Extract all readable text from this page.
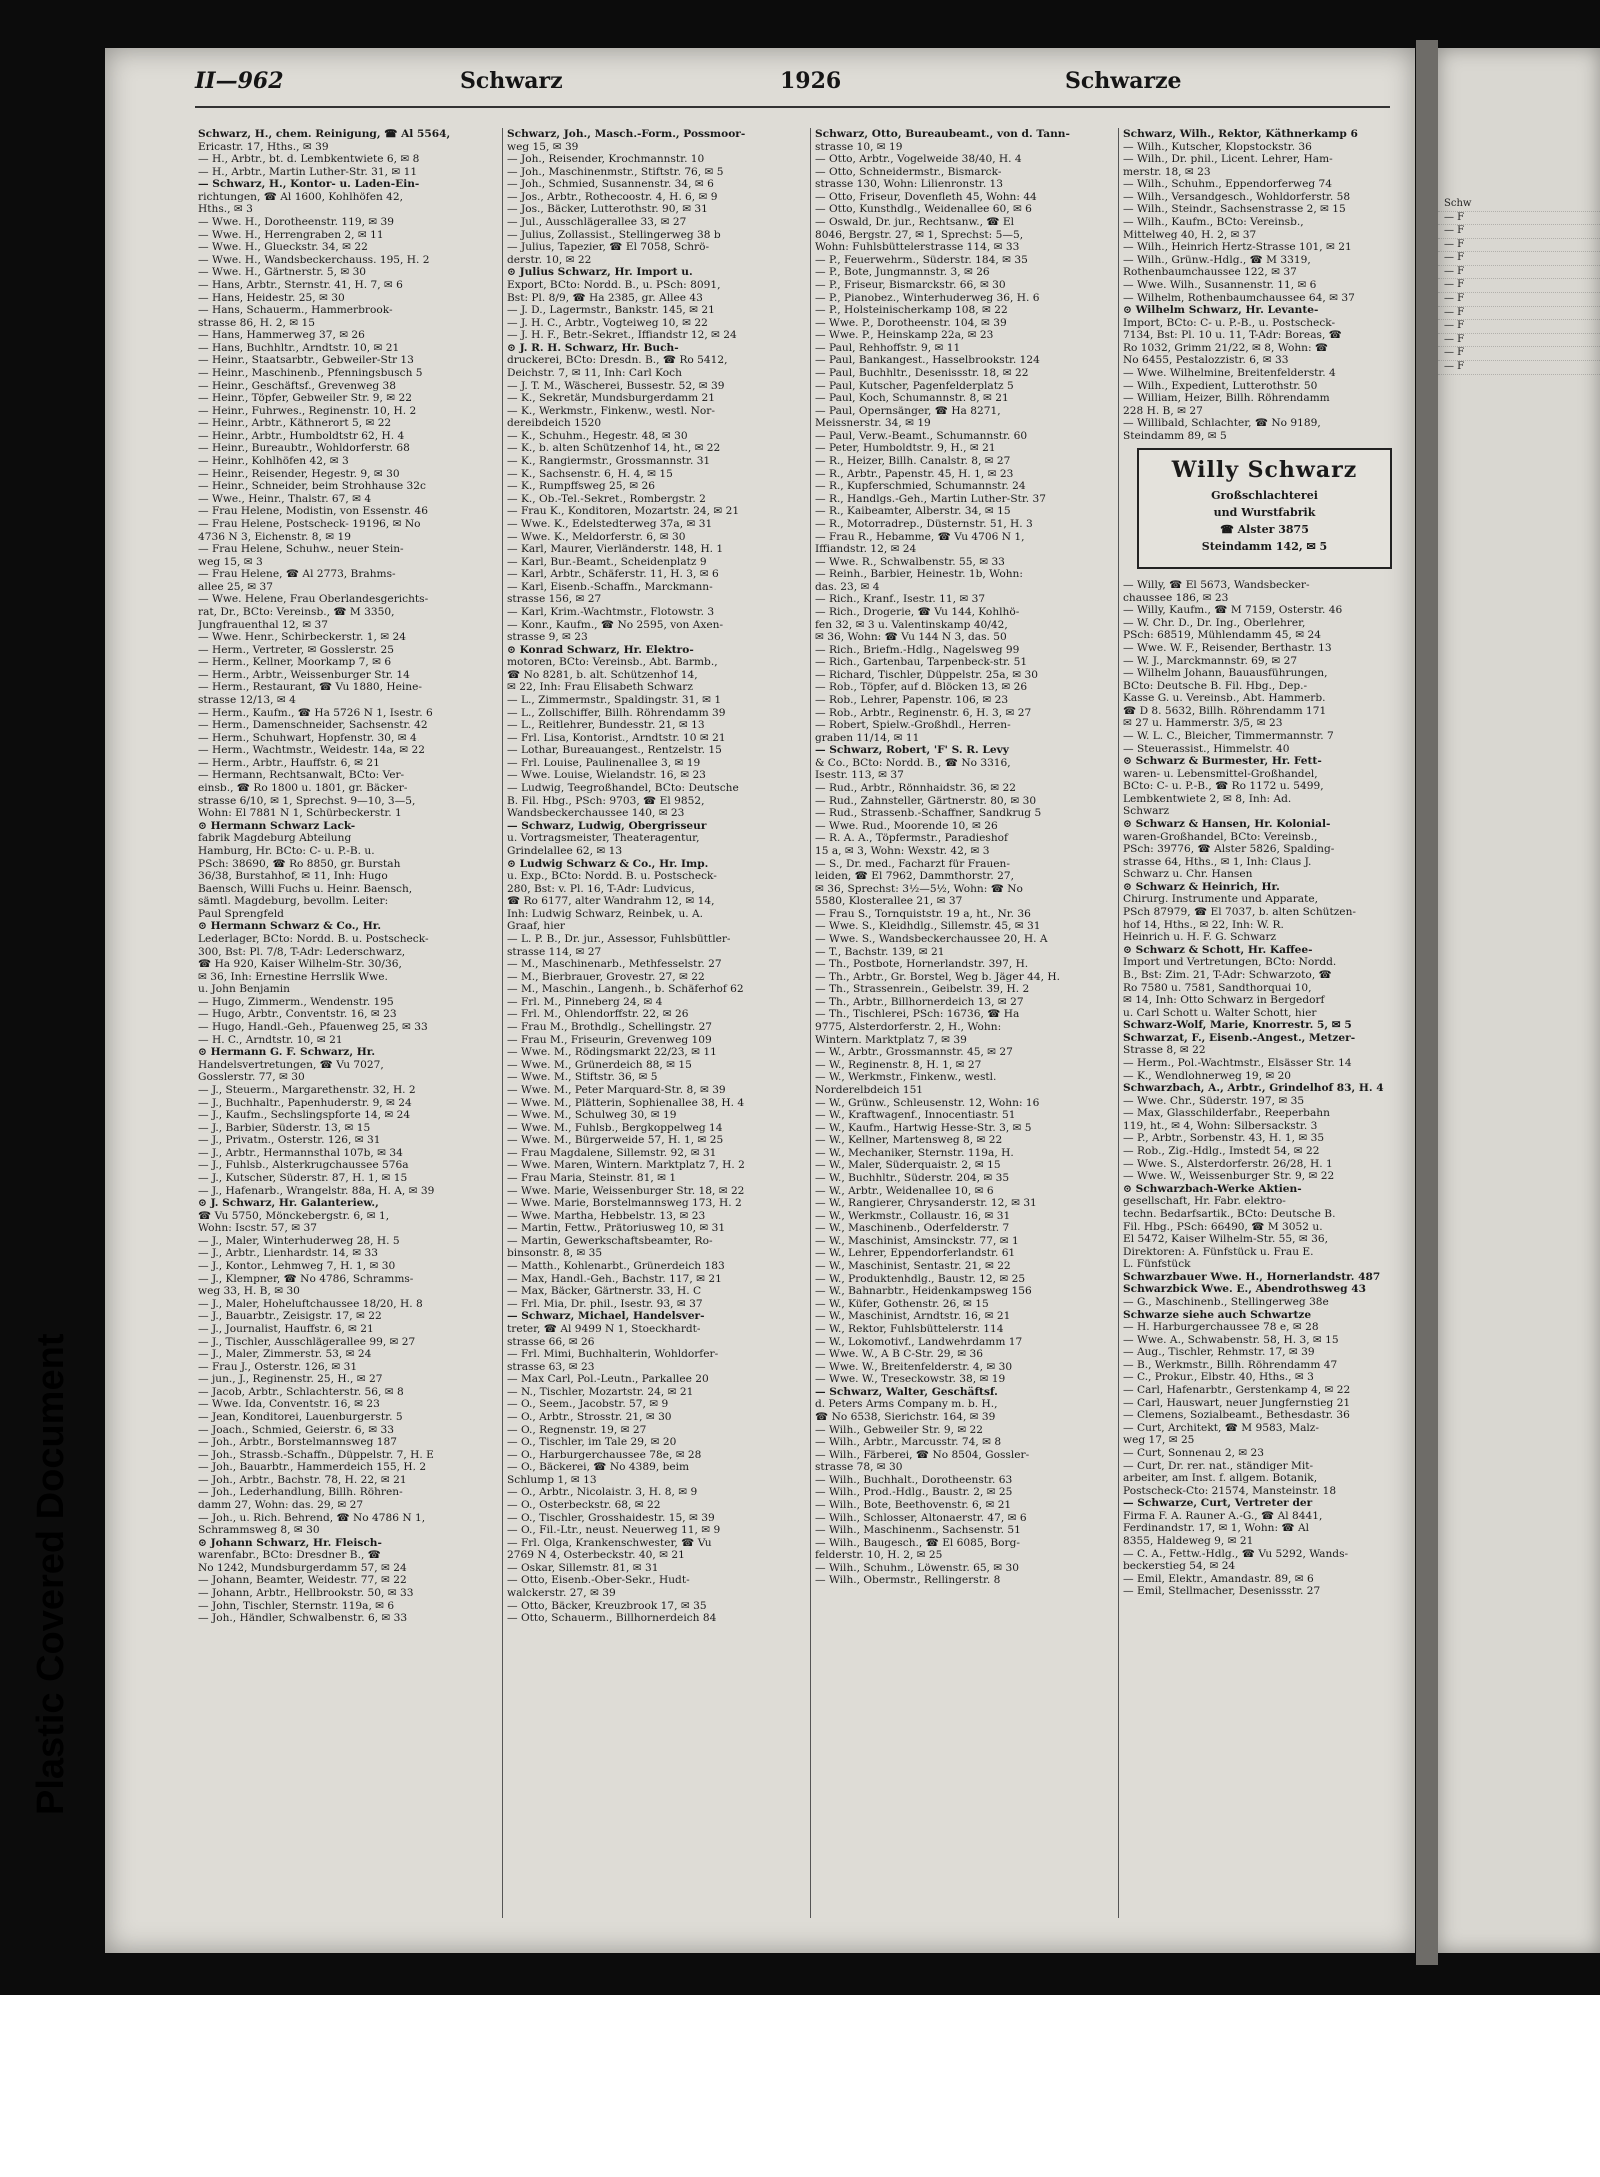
II—962	Schwarz	1926	Schwarze
Schwarz, H., chem. Reinigung, ☎ Al 5564,
Ericastr. 17, Hths., ✉ 39
— H., Arbtr., bt. d. Lembkentwiete 6, ✉ 8
— H., Arbtr., Martin Luther-Str. 31, ✉ 11
— Schwarz, H., Kontor- u. Laden-Ein-
richtungen, ☎ Al 1600, Kohlhöfen 42,
Hths., ✉ 3
— Wwe. H., Dorotheenstr. 119, ✉ 39
— Wwe. H., Herrengraben 2, ✉ 11
— Wwe. H., Glueckstr. 34, ✉ 22
— Wwe. H., Wandsbeckerchauss. 195, H. 2
— Wwe. H., Gärtnerstr. 5, ✉ 30
— Hans, Arbtr., Sternstr. 41, H. 7, ✉ 6
— Hans, Heidestr. 25, ✉ 30
— Hans, Schauerm., Hammerbrook-
strasse 86, H. 2, ✉ 15
— Hans, Hammerweg 37, ✉ 26
— Hans, Buchhltr., Arndtstr. 10, ✉ 21
— Heinr., Staatsarbtr., Gebweiler-Str 13
— Heinr., Maschinenb., Pfenningsbusch 5
— Heinr., Geschäftsf., Grevenweg 38
— Heinr., Töpfer, Gebweiler Str. 9, ✉ 22
— Heinr., Fuhrwes., Reginenstr. 10, H. 2
— Heinr., Arbtr., Käthnerort 5, ✉ 22
— Heinr., Arbtr., Humboldtstr 62, H. 4
— Heinr., Bureaubtr., Wohldorferstr. 68
— Heinr., Kohlhöfen 42, ✉ 3
— Heinr., Reisender, Hegestr. 9, ✉ 30
— Heinr., Schneider, beim Strohhause 32c
— Wwe., Heinr., Thalstr. 67, ✉ 4
— Frau Helene, Modistin, von Essenstr. 46
— Frau Helene, Postscheck- 19196, ✉ No
4736 N 3, Eichenstr. 8, ✉ 19
— Frau Helene, Schuhw., neuer Stein-
weg 15, ✉ 3
— Frau Helene, ☎ Al 2773, Brahms-
allee 25, ✉ 37
— Wwe. Helene, Frau Oberlandesgerichts-
rat, Dr., BCto: Vereinsb., ☎ M 3350,
Jungfrauenthal 12, ✉ 37
— Wwe. Henr., Schirbeckerstr. 1, ✉ 24
— Herm., Vertreter, ✉ Gosslerstr. 25
— Herm., Kellner, Moorkamp 7, ✉ 6
— Herm., Arbtr., Weissenburger Str. 14
— Herm., Restaurant, ☎ Vu 1880, Heine-
strasse 12/13, ✉ 4
— Herm., Kaufm., ☎ Ha 5726 N 1, Isestr. 6
— Herm., Damenschneider, Sachsenstr. 42
— Herm., Schuhwart, Hopfenstr. 30, ✉ 4
— Herm., Wachtmstr., Weidestr. 14a, ✉ 22
— Herm., Arbtr., Hauffstr. 6, ✉ 21
— Hermann, Rechtsanwalt, BCto: Ver-
einsb., ☎ Ro 1800 u. 1801, gr. Bäcker-
strasse 6/10, ✉ 1, Sprechst. 9—10, 3—5,
Wohn: El 7881 N 1, Schürbeckerstr. 1
⊙ Hermann Schwarz Lack-
fabrik Magdeburg Abteilung
Hamburg, Hr. BCto: C- u. P.-B. u.
PSch: 38690, ☎ Ro 8850, gr. Burstah
36/38, Burstahhof, ✉ 11, Inh: Hugo
Baensch, Willi Fuchs u. Heinr. Baensch,
sämtl. Magdeburg, bevollm. Leiter:
Paul Sprengfeld
⊙ Hermann Schwarz & Co., Hr.
Lederlager, BCto: Nordd. B. u. Postscheck-
300, Bst: Pl. 7/8, T-Adr: Lederschwarz,
☎ Ha 920, Kaiser Wilhelm-Str. 30/36,
✉ 36, Inh: Ernestine Herrslik Wwe.
u. John Benjamin
— Hugo, Zimmerm., Wendenstr. 195
— Hugo, Arbtr., Conventstr. 16, ✉ 23
— Hugo, Handl.-Geh., Pfauenweg 25, ✉ 33
— H. C., Arndtstr. 10, ✉ 21
⊙ Hermann G. F. Schwarz, Hr.
Handelsvertretungen, ☎ Vu 7027,
Gosslerstr. 77, ✉ 30
— J., Steuerm., Margarethenstr. 32, H. 2
— J., Buchhaltr., Papenhuderstr. 9, ✉ 24
— J., Kaufm., Sechslingspforte 14, ✉ 24
— J., Barbier, Süderstr. 13, ✉ 15
— J., Privatm., Osterstr. 126, ✉ 31
— J., Arbtr., Hermannsthal 107b, ✉ 34
— J., Fuhlsb., Alsterkrugchaussee 576a
— J., Kutscher, Süderstr. 87, H. 1, ✉ 15
— J., Hafenarb., Wrangelstr. 88a, H. A, ✉ 39
⊙ J. Schwarz, Hr. Galanteriew.,
☎ Vu 5750, Mönckebergstr. 6, ✉ 1,
Wohn: Iscstr. 57, ✉ 37
— J., Maler, Winterhuderweg 28, H. 5
— J., Arbtr., Lienhardstr. 14, ✉ 33
— J., Kontor., Lehmweg 7, H. 1, ✉ 30
— J., Klempner, ☎ No 4786, Schramms-
weg 33, H. B, ✉ 30
— J., Maler, Hoheluftchaussee 18/20, H. 8
— J., Bauarbtr., Zeisigstr. 17, ✉ 22
— J., Journalist, Hauffstr. 6, ✉ 21
— J., Tischler, Ausschlägerallee 99, ✉ 27
— J., Maler, Zimmerstr. 53, ✉ 24
— Frau J., Osterstr. 126, ✉ 31
— jun., J., Reginenstr. 25, H., ✉ 27
— Jacob, Arbtr., Schlachterstr. 56, ✉ 8
— Wwe. Ida, Conventstr. 16, ✉ 23
— Jean, Konditorei, Lauenburgerstr. 5
— Joach., Schmied, Geierstr. 6, ✉ 33
— Joh., Arbtr., Borstelmannsweg 187
— Joh., Strassb.-Schaffn., Düppelstr. 7, H. E
— Joh., Bauarbtr., Hammerdeich 155, H. 2
— Joh., Arbtr., Bachstr. 78, H. 22, ✉ 21
— Joh., Lederhandlung, Billh. Röhren-
damm 27, Wohn: das. 29, ✉ 27
— Joh., u. Rich. Behrend, ☎ No 4786 N 1,
Schrammsweg 8, ✉ 30
⊙ Johann Schwarz, Hr. Fleisch-
warenfabr., BCto: Dresdner B., ☎
No 1242, Mundsburgerdamm 57, ✉ 24
— Johann, Beamter, Weidestr. 77, ✉ 22
— Johann, Arbtr., Hellbrookstr. 50, ✉ 33
— John, Tischler, Sternstr. 119a, ✉ 6
— Joh., Händler, Schwalbenstr. 6, ✉ 33
Schwarz, Joh., Masch.-Form., Possmoor-
weg 15, ✉ 39
— Joh., Reisender, Krochmannstr. 10
— Joh., Maschinenmstr., Stiftstr. 76, ✉ 5
— Joh., Schmied, Susannenstr. 34, ✉ 6
— Jos., Arbtr., Rothecoostr. 4, H. 6, ✉ 9
— Jos., Bäcker, Lutterothstr. 90, ✉ 31
— Jul., Ausschlägerallee 33, ✉ 27
— Julius, Zollassist., Stellingerweg 38 b
— Julius, Tapezier, ☎ El 7058, Schrö-
derstr. 10, ✉ 22
⊙ Julius Schwarz, Hr. Import u.
Export, BCto: Nordd. B., u. PSch: 8091,
Bst: Pl. 8/9, ☎ Ha 2385, gr. Allee 43
— J. D., Lagermstr., Bankstr. 145, ✉ 21
— J. H. C., Arbtr., Vogteiweg 10, ✉ 22
— J. H. F., Betr.-Sekret., Iffiandstr 12, ✉ 24
⊙ J. R. H. Schwarz, Hr. Buch-
druckerei, BCto: Dresdn. B., ☎ Ro 5412,
Deichstr. 7, ✉ 11, Inh: Carl Koch
— J. T. M., Wäscherei, Bussestr. 52, ✉ 39
— K., Sekretär, Mundsburgerdamm 21
— K., Werkmstr., Finkenw., westl. Nor-
dereibdeich 1520
— K., Schuhm., Hegestr. 48, ✉ 30
— K., b. alten Schützenhof 14, ht., ✉ 22
— K., Rangiermstr., Grossmannstr. 31
— K., Sachsenstr. 6, H. 4, ✉ 15
— K., Rumpffsweg 25, ✉ 26
— K., Ob.-Tel.-Sekret., Rombergstr. 2
— Frau K., Konditoren, Mozartstr. 24, ✉ 21
— Wwe. K., Edelstedterweg 37a, ✉ 31
— Wwe. K., Meldorferstr. 6, ✉ 30
— Karl, Maurer, Vierländerstr. 148, H. 1
— Karl, Bur.-Beamt., Scheidenplatz 9
— Karl, Arbtr., Schäferstr. 11, H. 3, ✉ 6
— Karl, Eisenb.-Schaffn., Marckmann-
strasse 156, ✉ 27
— Karl, Krim.-Wachtmstr., Flotowstr. 3
— Konr., Kaufm., ☎ No 2595, von Axen-
strasse 9, ✉ 23
⊙ Konrad Schwarz, Hr. Elektro-
motoren, BCto: Vereinsb., Abt. Barmb.,
☎ No 8281, b. alt. Schützenhof 14,
✉ 22, Inh: Frau Elisabeth Schwarz
— L., Zimmermstr., Spaldingstr. 31, ✉ 1
— L., Zollschiffer, Billh. Röhrendamm 39
— L., Reitlehrer, Bundesstr. 21, ✉ 13
— Frl. Lisa, Kontorist., Arndtstr. 10 ✉ 21
— Lothar, Bureauangest., Rentzelstr. 15
— Frl. Louise, Paulinenallee 3, ✉ 19
— Wwe. Louise, Wielandstr. 16, ✉ 23
— Ludwig, Teegroßhandel, BCto: Deutsche
B. Fil. Hbg., PSch: 9703, ☎ El 9852,
Wandsbeckerchaussee 140, ✉ 23
— Schwarz, Ludwig, Obergrisseur
u. Vortragsmeister, Theateragentur,
Grindelallee 62, ✉ 13
⊙ Ludwig Schwarz & Co., Hr. Imp.
u. Exp., BCto: Nordd. B. u. Postscheck-
280, Bst: v. Pl. 16, T-Adr: Ludvicus,
☎ Ro 6177, alter Wandrahm 12, ✉ 14,
Inh: Ludwig Schwarz, Reinbek, u. A.
Graaf, hier
— L. P. B., Dr. jur., Assessor, Fuhlsbüttler-
strasse 114, ✉ 27
— M., Maschinenarb., Methfesselstr. 27
— M., Bierbrauer, Grovestr. 27, ✉ 22
— M., Maschin., Langenh., b. Schäferhof 62
— Frl. M., Pinneberg 24, ✉ 4
— Frl. M., Ohlendorffstr. 22, ✉ 26
— Frau M., Brothdlg., Schellingstr. 27
— Frau M., Friseurin, Grevenweg 109
— Wwe. M., Rödingsmarkt 22/23, ✉ 11
— Wwe. M., Grünerdeich 88, ✉ 15
— Wwe. M., Stiftstr. 36, ✉ 5
— Wwe. M., Peter Marquard-Str. 8, ✉ 39
— Wwe. M., Plätterin, Sophienallee 38, H. 4
— Wwe. M., Schulweg 30, ✉ 19
— Wwe. M., Fuhlsb., Bergkoppelweg 14
— Wwe. M., Bürgerweide 57, H. 1, ✉ 25
— Frau Magdalene, Sillemstr. 92, ✉ 31
— Wwe. Maren, Wintern. Marktplatz 7, H. 2
— Frau Maria, Steinstr. 81, ✉ 1
— Wwe. Marie, Weissenburger Str. 18, ✉ 22
— Wwe. Marie, Borstelmannsweg 173, H. 2
— Wwe. Martha, Hebbelstr. 13, ✉ 23
— Martin, Fettw., Prätoriusweg 10, ✉ 31
— Martin, Gewerkschaftsbeamter, Ro-
binsonstr. 8, ✉ 35
— Matth., Kohlenarbt., Grünerdeich 183
— Max, Handl.-Geh., Bachstr. 117, ✉ 21
— Max, Bäcker, Gärtnerstr. 33, H. C
— Frl. Mia, Dr. phil., Isestr. 93, ✉ 37
— Schwarz, Michael, Handelsver-
treter, ☎ Al 9499 N 1, Stoeckhardt-
strasse 66, ✉ 26
— Frl. Mimi, Buchhalterin, Wohldorfer-
strasse 63, ✉ 23
— Max Carl, Pol.-Leutn., Parkallee 20
— N., Tischler, Mozartstr. 24, ✉ 21
— O., Seem., Jacobstr. 57, ✉ 9
— O., Arbtr., Strosstr. 21, ✉ 30
— O., Regnenstr. 19, ✉ 27
— O., Tischler, im Tale 29, ✉ 20
— O., Harburgerchaussee 78e, ✉ 28
— O., Bäckerei, ☎ No 4389, beim
Schlump 1, ✉ 13
— O., Arbtr., Nicolaistr. 3, H. 8, ✉ 9
— O., Osterbeckstr. 68, ✉ 22
— O., Tischler, Grosshaidestr. 15, ✉ 39
— O., Fil.-Ltr., neust. Neuerweg 11, ✉ 9
— Frl. Olga, Krankenschwester, ☎ Vu
2769 N 4, Osterbeckstr. 40, ✉ 21
— Oskar, Sillemstr. 81, ✉ 31
— Otto, Eisenb.-Ober-Sekr., Hudt-
walckerstr. 27, ✉ 39
— Otto, Bäcker, Kreuzbrook 17, ✉ 35
— Otto, Schauerm., Billhornerdeich 84
Schwarz, Otto, Bureaubeamt., von d. Tann-
strasse 10, ✉ 19
— Otto, Arbtr., Vogelweide 38/40, H. 4
— Otto, Schneidermstr., Bismarck-
strasse 130, Wohn: Lilienronstr. 13
— Otto, Friseur, Dovenfleth 45, Wohn: 44
— Otto, Kunsthdlg., Weidenallee 60, ✉ 6
— Oswald, Dr. jur., Rechtsanw., ☎ El
8046, Bergstr. 27, ✉ 1, Sprechst: 5—5,
Wohn: Fuhlsbüttelerstrasse 114, ✉ 33
— P., Feuerwehrm., Süderstr. 184, ✉ 35
— P., Bote, Jungmannstr. 3, ✉ 26
— P., Friseur, Bismarckstr. 66, ✉ 30
— P., Pianobez., Winterhuderweg 36, H. 6
— P., Holsteinischerkamp 108, ✉ 22
— Wwe. P., Dorotheenstr. 104, ✉ 39
— Wwe. P., Heinskamp 22a, ✉ 23
— Paul, Rehhoffstr. 9, ✉ 11
— Paul, Bankangest., Hasselbrookstr. 124
— Paul, Buchhltr., Desenissstr. 18, ✉ 22
— Paul, Kutscher, Pagenfelderplatz 5
— Paul, Koch, Schumannstr. 8, ✉ 21
— Paul, Opernsänger, ☎ Ha 8271,
Meissnerstr. 34, ✉ 19
— Paul, Verw.-Beamt., Schumannstr. 60
— Peter, Humboldtstr. 9, H., ✉ 21
— R., Heizer, Billh. Canalstr. 8, ✉ 27
— R., Arbtr., Papenstr. 45, H. 1, ✉ 23
— R., Kupferschmied, Schumannstr. 24
— R., Handlgs.-Geh., Martin Luther-Str. 37
— R., Kaibeamter, Alberstr. 34, ✉ 15
— R., Motorradrep., Düsternstr. 51, H. 3
— Frau R., Hebamme, ☎ Vu 4706 N 1,
Iffiandstr. 12, ✉ 24
— Wwe. R., Schwalbenstr. 55, ✉ 33
— Reinh., Barbier, Heinestr. 1b, Wohn:
das. 23, ✉ 4
— Rich., Kranf., Isestr. 11, ✉ 37
— Rich., Drogerie, ☎ Vu 144, Kohlhö-
fen 32, ✉ 3 u. Valentinskamp 40/42,
✉ 36, Wohn: ☎ Vu 144 N 3, das. 50
— Rich., Briefm.-Hdlg., Nagelsweg 99
— Rich., Gartenbau, Tarpenbeck-str. 51
— Richard, Tischler, Düppelstr. 25a, ✉ 30
— Rob., Töpfer, auf d. Blöcken 13, ✉ 26
— Rob., Lehrer, Papenstr. 106, ✉ 23
— Rob., Arbtr., Reginenstr. 6, H. 3, ✉ 27
— Robert, Spielw.-Großhdl., Herren-
graben 11/14, ✉ 11
— Schwarz, Robert, 'F' S. R. Levy
& Co., BCto: Nordd. B., ☎ No 3316,
Isestr. 113, ✉ 37
— Rud., Arbtr., Rönnhaidstr. 36, ✉ 22
— Rud., Zahnsteller, Gärtnerstr. 80, ✉ 30
— Rud., Strassenb.-Schaffner, Sandkrug 5
— Wwe. Rud., Moorende 10, ✉ 26
— R. A. A., Töpfermstr., Paradieshof
15 a, ✉ 3, Wohn: Wexstr. 42, ✉ 3
— S., Dr. med., Facharzt für Frauen-
leiden, ☎ El 7962, Dammthorstr. 27,
✉ 36, Sprechst: 3½—5½, Wohn: ☎ No
5580, Klosterallee 21, ✉ 37
— Frau S., Tornquiststr. 19 a, ht., Nr. 36
— Wwe. S., Kleidhdlg., Sillemstr. 45, ✉ 31
— Wwe. S., Wandsbeckerchaussee 20, H. A
— T., Bachstr. 139, ✉ 21
— Th., Postbote, Hornerlandstr. 397, H.
— Th., Arbtr., Gr. Borstel, Weg b. Jäger 44, H.
— Th., Strassenrein., Geibelstr. 39, H. 2
— Th., Arbtr., Billhornerdeich 13, ✉ 27
— Th., Tischlerei, PSch: 16736, ☎ Ha
9775, Alsterdorferstr. 2, H., Wohn:
Wintern. Marktplatz 7, ✉ 39
— W., Arbtr., Grossmannstr. 45, ✉ 27
— W., Reginenstr. 8, H. 1, ✉ 27
— W., Werkmstr., Finkenw., westl.
Norderelbdeich 151
— W., Grünw., Schleusenstr. 12, Wohn: 16
— W., Kraftwagenf., Innocentiastr. 51
— W., Kaufm., Hartwig Hesse-Str. 3, ✉ 5
— W., Kellner, Martensweg 8, ✉ 22
— W., Mechaniker, Sternstr. 119a, H.
— W., Maler, Süderquaistr. 2, ✉ 15
— W., Buchhltr., Süderstr. 204, ✉ 35
— W., Arbtr., Weidenallee 10, ✉ 6
— W., Rangierer, Chrysanderstr. 12, ✉ 31
— W., Werkmstr., Collaustr. 16, ✉ 31
— W., Maschinenb., Oderfelderstr. 7
— W., Maschinist, Amsinckstr. 77, ✉ 1
— W., Lehrer, Eppendorferlandstr. 61
— W., Maschinist, Sentastr. 21, ✉ 22
— W., Produktenhdlg., Baustr. 12, ✉ 25
— W., Bahnarbtr., Heidenkampsweg 156
— W., Küfer, Gothenstr. 26, ✉ 15
— W., Maschinist, Arndtstr. 16, ✉ 21
— W., Rektor, Fuhlsbüttelerstr. 114
— W., Lokomotivf., Landwehrdamm 17
— Wwe. W., A B C-Str. 29, ✉ 36
— Wwe. W., Breitenfelderstr. 4, ✉ 30
— Wwe. W., Treseckowstr. 38, ✉ 19
— Schwarz, Walter, Geschäftsf.
d. Peters Arms Company m. b. H.,
☎ No 6538, Sierichstr. 164, ✉ 39
— Wilh., Gebweiler Str. 9, ✉ 22
— Wilh., Arbtr., Marcusstr. 74, ✉ 8
— Wilh., Färberei, ☎ No 8504, Gossler-
strasse 78, ✉ 30
— Wilh., Buchhalt., Dorotheenstr. 63
— Wilh., Prod.-Hdlg., Baustr. 2, ✉ 25
— Wilh., Bote, Beethovenstr. 6, ✉ 21
— Wilh., Schlosser, Altonaerstr. 47, ✉ 6
— Wilh., Maschinenm., Sachsenstr. 51
— Wilh., Baugesch., ☎ El 6085, Borg-
felderstr. 10, H. 2, ✉ 25
— Wilh., Schuhm., Löwenstr. 65, ✉ 30
— Wilh., Obermstr., Rellingerstr. 8
Schwarz, Wilh., Rektor, Käthnerkamp 6
— Wilh., Kutscher, Klopstockstr. 36
— Wilh., Dr. phil., Licent. Lehrer, Ham-
merstr. 18, ✉ 23
— Wilh., Schuhm., Eppendorferweg 74
— Wilh., Versandgesch., Wohldorferstr. 58
— Wilh., Steindr., Sachsenstrasse 2, ✉ 15
— Wilh., Kaufm., BCto: Vereinsb.,
Mittelweg 40, H. 2, ✉ 37
— Wilh., Heinrich Hertz-Strasse 101, ✉ 21
— Wilh., Grünw.-Hdlg., ☎ M 3319,
Rothenbaumchaussee 122, ✉ 37
— Wwe. Wilh., Susannenstr. 11, ✉ 6
— Wilhelm, Rothenbaumchaussee 64, ✉ 37
⊙ Wilhelm Schwarz, Hr. Levante-
Import, BCto: C- u. P.-B., u. Postscheck-
7134, Bst: Pl. 10 u. 11, T-Adr: Boreas, ☎
Ro 1032, Grimm 21/22, ✉ 8, Wohn: ☎
No 6455, Pestalozzistr. 6, ✉ 33
— Wwe. Wilhelmine, Breitenfelderstr. 4
— Wilh., Expedient, Lutterothstr. 50
— William, Heizer, Billh. Röhrendamm
228 H. B, ✉ 27
— Willibald, Schlachter, ☎ No 9189,
Steindamm 89, ✉ 5
Willy Schwarz
Großschlachterei
und Wurstfabrik
☎ Alster 3875
Steindamm 142, ✉ 5
— Willy, ☎ El 5673, Wandsbecker-
chaussee 186, ✉ 23
— Willy, Kaufm., ☎ M 7159, Osterstr. 46
— W. Chr. D., Dr. Ing., Oberlehrer,
PSch: 68519, Mühlendamm 45, ✉ 24
— Wwe. W. F., Reisender, Berthastr. 13
— W. J., Marckmannstr. 69, ✉ 27
— Wilhelm Johann, Bauausführungen,
BCto: Deutsche B. Fil. Hbg., Dep.-
Kasse G. u. Vereinsb., Abt. Hammerb.
☎ D 8. 5632, Billh. Röhrendamm 171
✉ 27 u. Hammerstr. 3/5, ✉ 23
— W. L. C., Bleicher, Timmermannstr. 7
— Steuerassist., Himmelstr. 40
⊙ Schwarz & Burmester, Hr. Fett-
waren- u. Lebensmittel-Großhandel,
BCto: C- u. P.-B., ☎ Ro 1172 u. 5499,
Lembkentwiete 2, ✉ 8, Inh: Ad.
Schwarz
⊙ Schwarz & Hansen, Hr. Kolonial-
waren-Großhandel, BCto: Vereinsb.,
PSch: 39776, ☎ Alster 5826, Spalding-
strasse 64, Hths., ✉ 1, Inh: Claus J.
Schwarz u. Chr. Hansen
⊙ Schwarz & Heinrich, Hr.
Chirurg. Instrumente und Apparate,
PSch 87979, ☎ El 7037, b. alten Schützen-
hof 14, Hths., ✉ 22, Inh: W. R.
Heinrich u. H. F. G. Schwarz
⊙ Schwarz & Schott, Hr. Kaffee-
Import und Vertretungen, BCto: Nordd.
B., Bst: Zim. 21, T-Adr: Schwarzoto, ☎
Ro 7580 u. 7581, Sandthorquai 10,
✉ 14, Inh: Otto Schwarz in Bergedorf
u. Carl Schott u. Walter Schott, hier
Schwarz-Wolf, Marie, Knorrestr. 5, ✉ 5
Schwarzat, F., Eisenb.-Angest., Metzer-
Strasse 8, ✉ 22
— Herm., Pol.-Wachtmstr., Elsässer Str. 14
— K., Wendlohnerweg 19, ✉ 20
Schwarzbach, A., Arbtr., Grindelhof 83, H. 4
— Wwe. Chr., Süderstr. 197, ✉ 35
— Max, Glasschilderfabr., Reeperbahn
119, ht., ✉ 4, Wohn: Silbersackstr. 3
— P., Arbtr., Sorbenstr. 43, H. 1, ✉ 35
— Rob., Zig.-Hdlg., Imstedt 54, ✉ 22
— Wwe. S., Alsterdorferstr. 26/28, H. 1
— Wwe. W., Weissenburger Str. 9, ✉ 22
⊙ Schwarzbach-Werke Aktien-
gesellschaft, Hr. Fabr. elektro-
techn. Bedarfsartik., BCto: Deutsche B.
Fil. Hbg., PSch: 66490, ☎ M 3052 u.
El 5472, Kaiser Wilhelm-Str. 55, ✉ 36,
Direktoren: A. Fünfstück u. Frau E.
L. Fünfstück
Schwarzbauer Wwe. H., Hornerlandstr. 487
Schwarzbick Wwe. E., Abendrothsweg 43
— G., Maschinenb., Stellingerweg 38e
Schwarze siehe auch Schwartze
— H. Harburgerchaussee 78 e, ✉ 28
— Wwe. A., Schwabenstr. 58, H. 3, ✉ 15
— Aug., Tischler, Rehmstr. 17, ✉ 39
— B., Werkmstr., Billh. Röhrendamm 47
— C., Prokur., Elbstr. 40, Hths., ✉ 3
— Carl, Hafenarbtr., Gerstenkamp 4, ✉ 22
— Carl, Hauswart, neuer Jungfernstieg 21
— Clemens, Sozialbeamt., Bethesdastr. 36
— Curt, Architekt, ☎ M 9583, Malz-
weg 17, ✉ 25
— Curt, Sonnenau 2, ✉ 23
— Curt, Dr. rer. nat., ständiger Mit-
arbeiter, am Inst. f. allgem. Botanik,
Postscheck-Cto: 21574, Mansteinstr. 18
— Schwarze, Curt, Vertreter der
Firma F. A. Rauner A.-G., ☎ Al 8441,
Ferdinandstr. 17, ✉ 1, Wohn: ☎ Al
8355, Haldeweg 9, ✉ 21
— C. A., Fettw.-Hdlg., ☎ Vu 5292, Wands-
beckerstieg 54, ✉ 24
— Emil, Elektr., Amandastr. 89, ✉ 6
— Emil, Stellmacher, Desenissstr. 27
Schw
— F
— F
— F
— F
— F
— F
— F
— F
— F
— F
— F
— F
Plastic Covered Document
